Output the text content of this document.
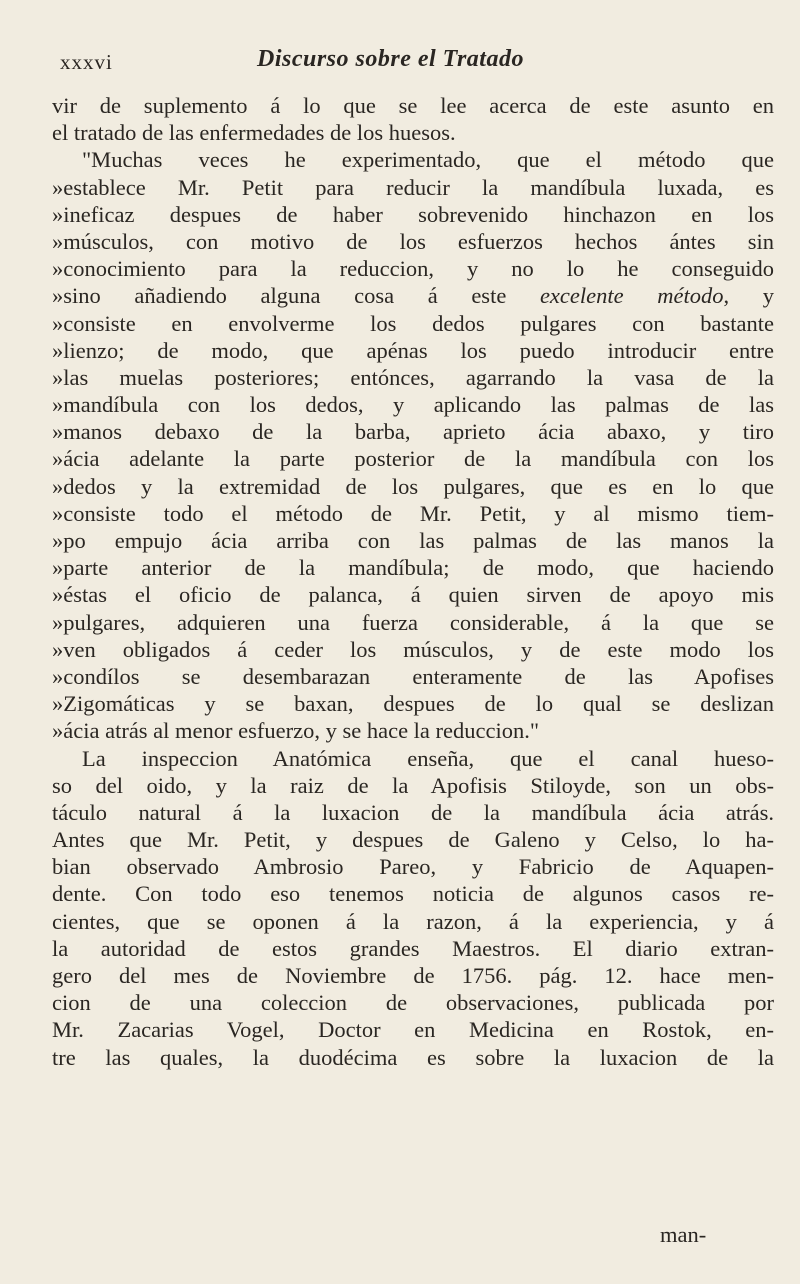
xxxvi	Discurso sobre el Tratado
vir de suplemento á lo que se lee acerca de este asunto en
el tratado de las enfermedades de los huesos.
"Muchas veces he experimentado, que el método que
»establece Mr. Petit para reducir la mandíbula luxada, es
»ineficaz despues de haber sobrevenido hinchazon en los
»músculos, con motivo de los esfuerzos hechos ántes sin
»conocimiento para la reduccion, y no lo he conseguido
»sino añadiendo alguna cosa á este excelente método, y
»consiste en envolverme los dedos pulgares con bastante
»lienzo; de modo, que apénas los puedo introducir entre
»las muelas posteriores; entónces, agarrando la vasa de la
»mandíbula con los dedos, y aplicando las palmas de las
»manos debaxo de la barba, aprieto ácia abaxo, y tiro
»ácia adelante la parte posterior de la mandíbula con los
»dedos y la extremidad de los pulgares, que es en lo que
»consiste todo el método de Mr. Petit, y al mismo tiem-
»po empujo ácia arriba con las palmas de las manos la
»parte anterior de la mandíbula; de modo, que haciendo
»éstas el oficio de palanca, á quien sirven de apoyo mis
»pulgares, adquieren una fuerza considerable, á la que se
»ven obligados á ceder los músculos, y de este modo los
»condílos se desembarazan enteramente de las Apofises
»Zigomáticas y se baxan, despues de lo qual se deslizan
»ácia atrás al menor esfuerzo, y se hace la reduccion."
La inspeccion Anatómica enseña, que el canal hueso-
so del oido, y la raiz de la Apofisis Stiloyde, son un obs-
táculo natural á la luxacion de la mandíbula ácia atrás.
Antes que Mr. Petit, y despues de Galeno y Celso, lo ha-
bian observado Ambrosio Pareo, y Fabricio de Aquapen-
dente. Con todo eso tenemos noticia de algunos casos re-
cientes, que se oponen á la razon, á la experiencia, y á
la autoridad de estos grandes Maestros. El diario extran-
gero del mes de Noviembre de 1756. pág. 12. hace men-
cion de una coleccion de observaciones, publicada por
Mr. Zacarias Vogel, Doctor en Medicina en Rostok, en-
tre las quales, la duodécima es sobre la luxacion de la
man-
